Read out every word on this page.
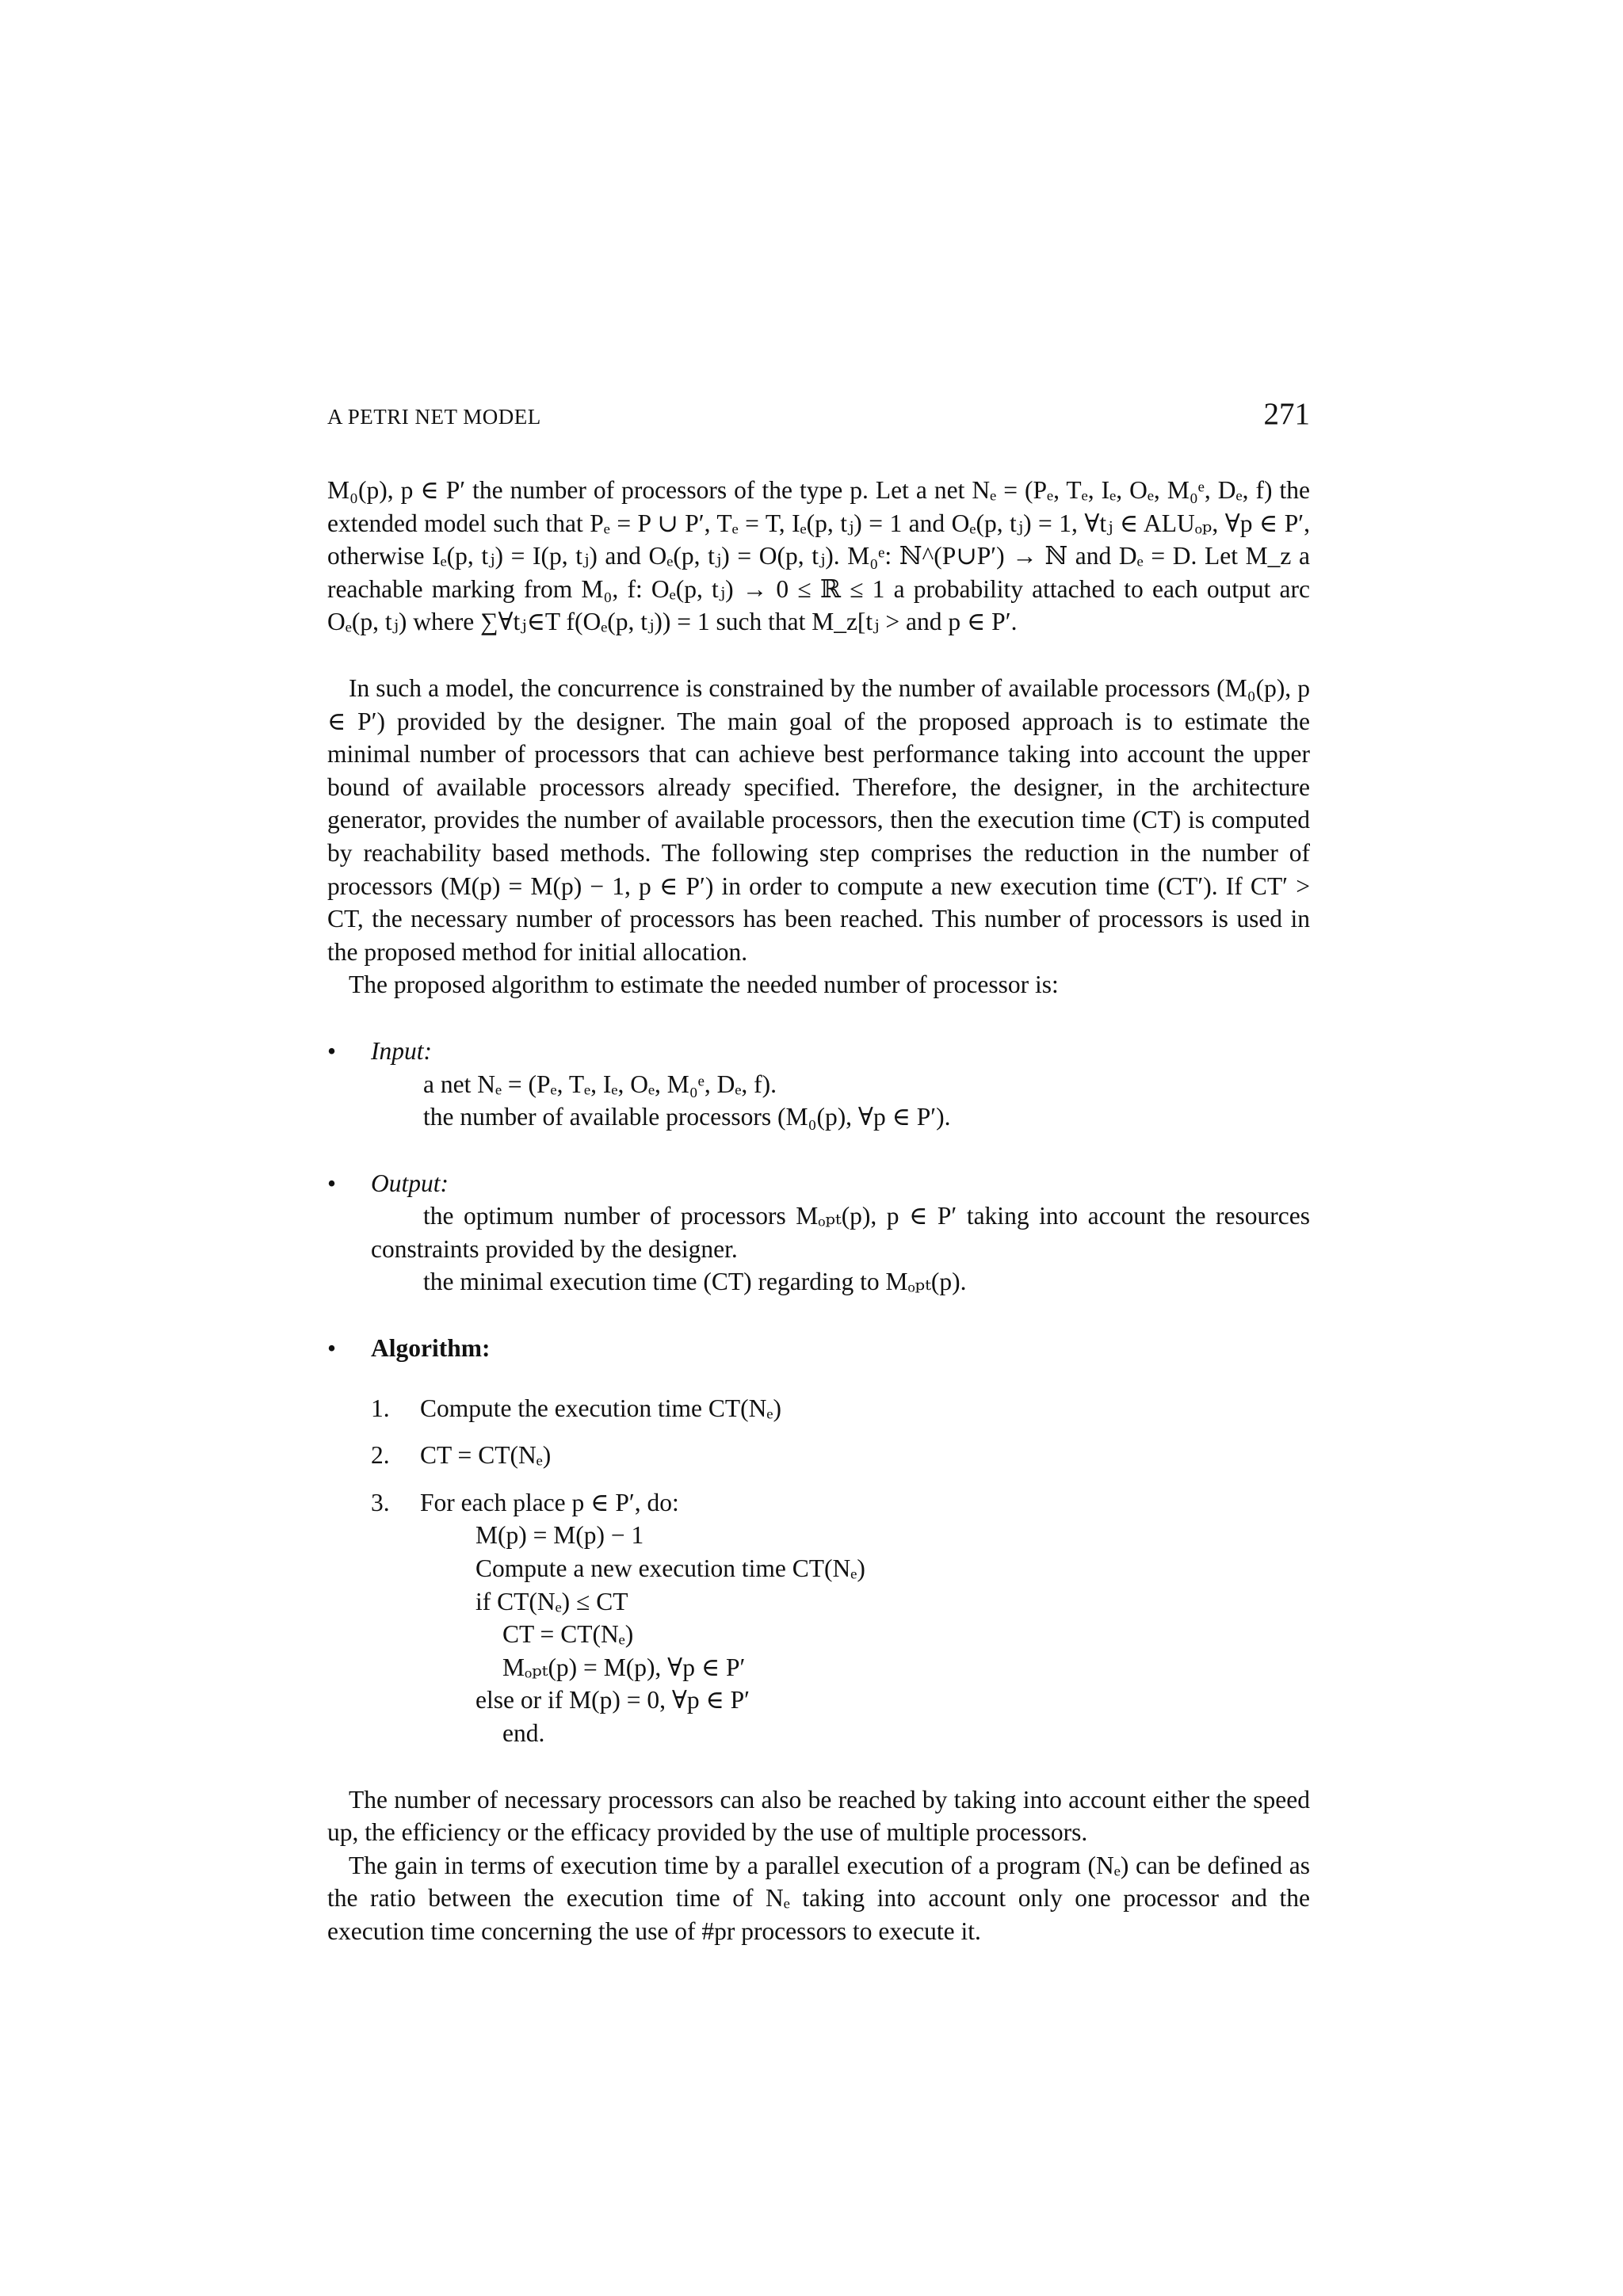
A PETRI NET MODEL	271

M₀(p), p ∈ P′ the number of processors of the type p. Let a net Nₑ = (Pₑ, Tₑ, Iₑ, Oₑ, M₀ᵉ, Dₑ, f) the extended model such that Pₑ = P ∪ P′, Tₑ = T, Iₑ(p, tⱼ) = 1 and Oₑ(p, tⱼ) = 1, ∀tⱼ ∈ ALUₒₚ, ∀p ∈ P′, otherwise Iₑ(p, tⱼ) = I(p, tⱼ) and Oₑ(p, tⱼ) = O(p, tⱼ). M₀ᵉ: ℕ^(P∪P′) → ℕ and Dₑ = D. Let M_z a reachable marking from M₀, f: Oₑ(p, tⱼ) → 0 ≤ ℝ ≤ 1 a probability attached to each output arc Oₑ(p, tⱼ) where ∑∀tⱼ∈T f(Oₑ(p, tⱼ)) = 1 such that M_z[tⱼ > and p ∈ P′.

In such a model, the concurrence is constrained by the number of available processors (M₀(p), p ∈ P′) provided by the designer. The main goal of the proposed approach is to estimate the minimal number of processors that can achieve best performance taking into account the upper bound of available processors already specified. Therefore, the designer, in the architecture generator, provides the number of available processors, then the execution time (CT) is computed by reachability based methods. The following step comprises the reduction in the number of processors (M(p) = M(p) − 1, p ∈ P′) in order to compute a new execution time (CT′). If CT′ > CT, the necessary number of processors has been reached. This number of processors is used in the proposed method for initial allocation.

The proposed algorithm to estimate the needed number of processor is:

• Input:
a net Nₑ = (Pₑ, Tₑ, Iₑ, Oₑ, M₀ᵉ, Dₑ, f).
the number of available processors (M₀(p), ∀p ∈ P′).
• Output:
the optimum number of processors Mₒₚₜ(p), p ∈ P′ taking into account the resources constraints provided by the designer.
the minimal execution time (CT) regarding to Mₒₚₜ(p).
• Algorithm:
1.	Compute the execution time CT(Nₑ)
2.	CT = CT(Nₑ)
3.	For each place p ∈ P′, do:
M(p) = M(p) − 1
Compute a new execution time CT(Nₑ)
if CT(Nₑ) ≤ CT
CT = CT(Nₑ)
Mₒₚₜ(p) = M(p), ∀p ∈ P′
else or if M(p) = 0, ∀p ∈ P′
end.

The number of necessary processors can also be reached by taking into account either the speed up, the efficiency or the efficacy provided by the use of multiple processors.

The gain in terms of execution time by a parallel execution of a program (Nₑ) can be defined as the ratio between the execution time of Nₑ taking into account only one processor and the execution time concerning the use of #pr processors to execute it.
